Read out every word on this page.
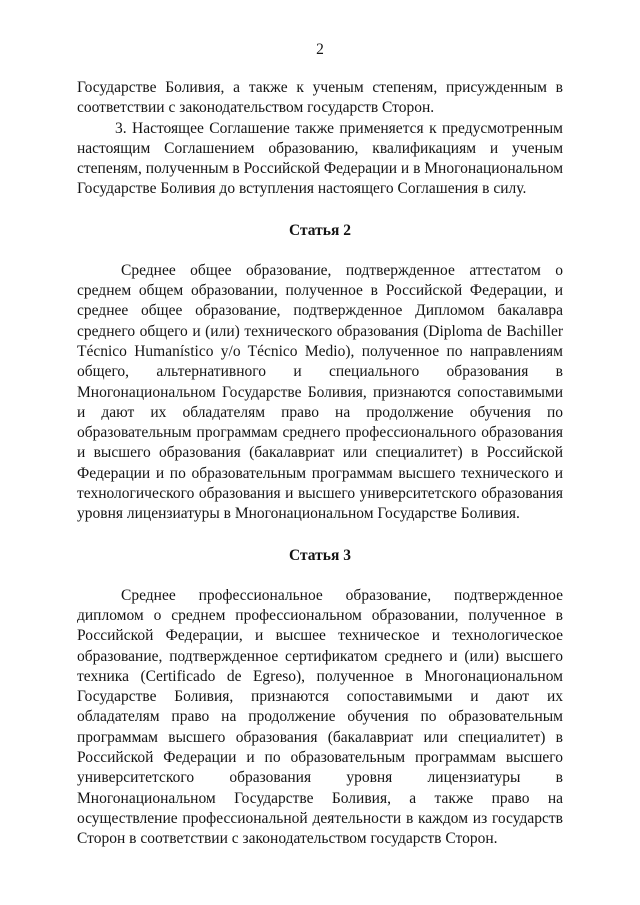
2

Государстве Боливия, а также к ученым степеням, присужденным в соответствии с законодательством государств Сторон.

3. Настоящее Соглашение также применяется к предусмотренным настоящим Соглашением образованию, квалификациям и ученым степеням, полученным в Российской Федерации и в Многонациональном Государстве Боливия до вступления настоящего Соглашения в силу.

Статья 2

Среднее общее образование, подтвержденное аттестатом о среднем общем образовании, полученное в Российской Федерации, и среднее общее образование, подтвержденное Дипломом бакалавра среднего общего и (или) технического образования (Diploma de Bachiller Técnico Humanístico y/o Técnico Medio), полученное по направлениям общего, альтернативного и специального образования в Многонациональном Государстве Боливия, признаются сопоставимыми и дают их обладателям право на продолжение обучения по образовательным программам среднего профессионального образования и высшего образования (бакалавриат или специалитет) в Российской Федерации и по образовательным программам высшего технического и технологического образования и высшего университетского образования уровня лицензиатуры в Многонациональном Государстве Боливия.

Статья 3

Среднее профессиональное образование, подтвержденное дипломом о среднем профессиональном образовании, полученное в Российской Федерации, и высшее техническое и технологическое образование, подтвержденное сертификатом среднего и (или) высшего техника (Certificado de Egreso), полученное в Многонациональном Государстве Боливия, признаются сопоставимыми и дают их обладателям право на продолжение обучения по образовательным программам высшего образования (бакалавриат или специалитет) в Российской Федерации и по образовательным программам высшего университетского образования уровня лицензиатуры в Многонациональном Государстве Боливия, а также право на осуществление профессиональной деятельности в каждом из государств Сторон в соответствии с законодательством государств Сторон.
